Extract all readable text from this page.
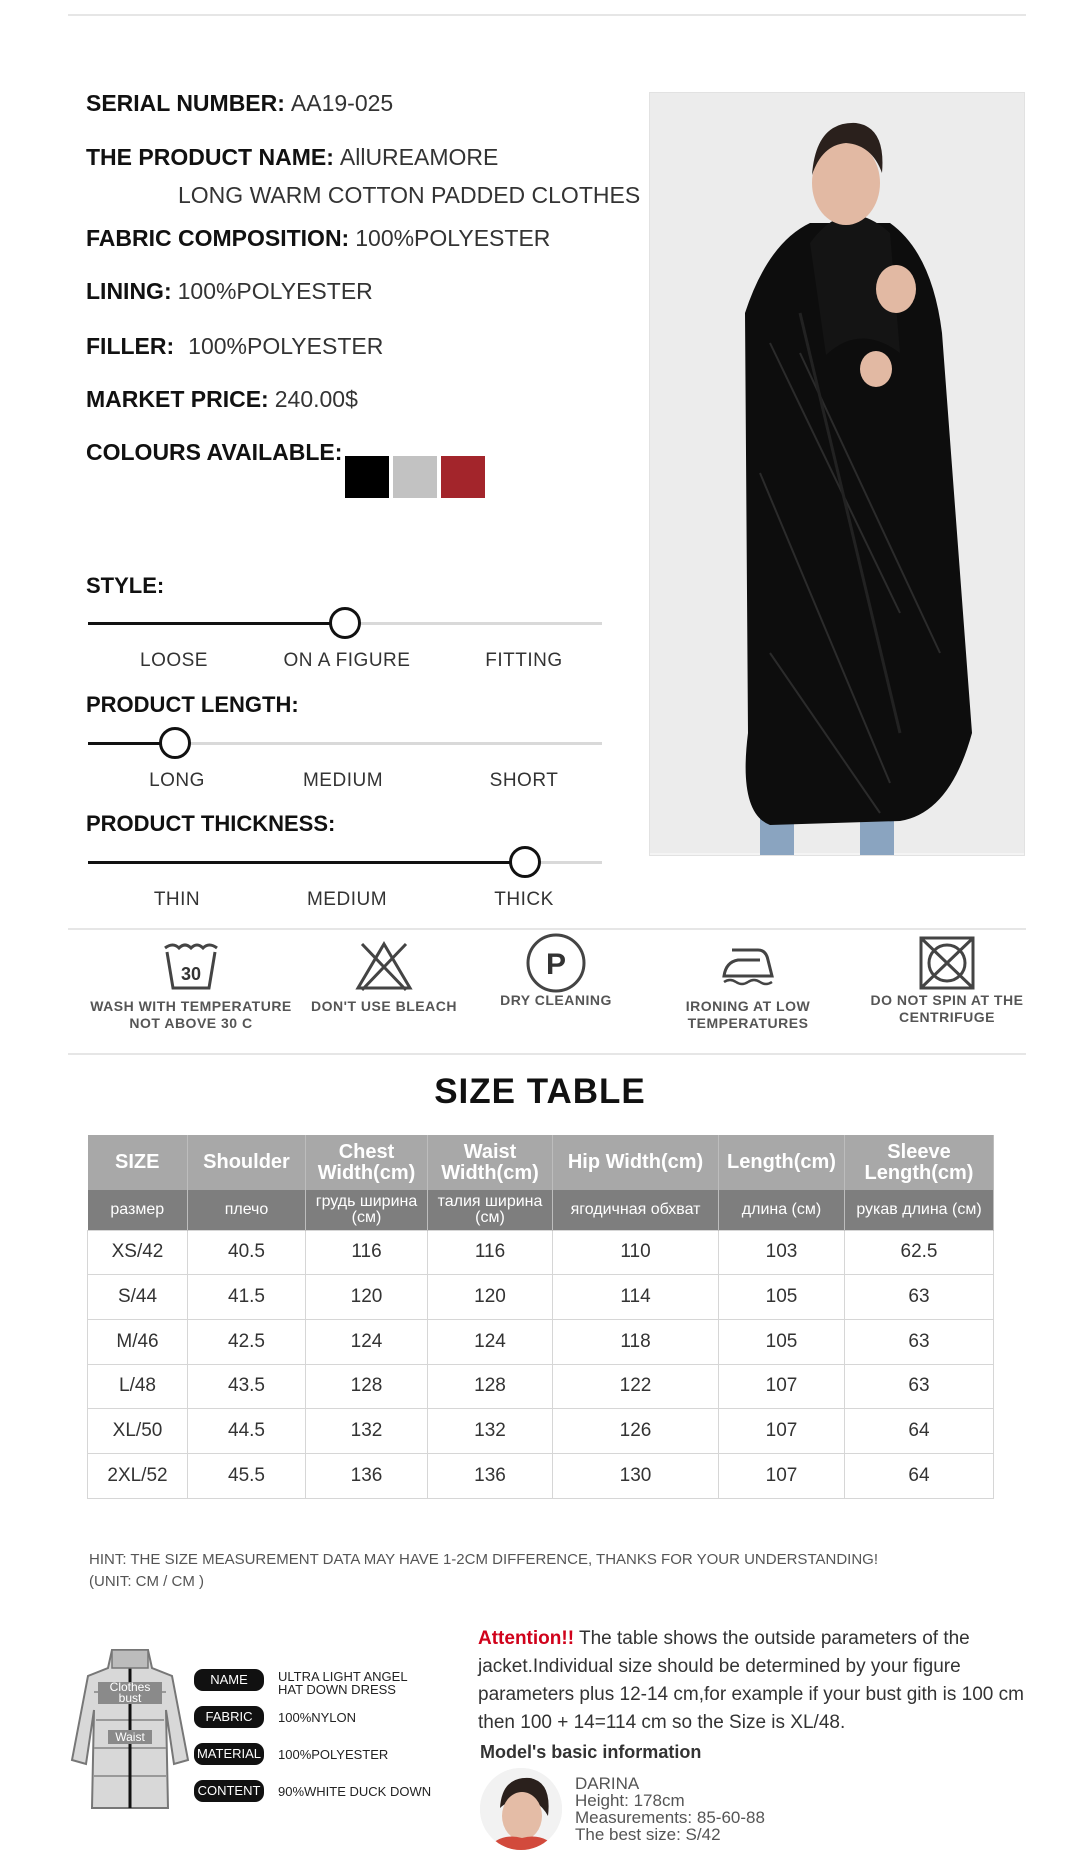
SERIAL NUMBER: AA19-025
THE PRODUCT NAME: AllUREAMORE
LONG WARM COTTON PADDED CLOTHES
FABRIC COMPOSITION: 100%POLYESTER
LINING: 100%POLYESTER
FILLER: 100%POLYESTER
MARKET PRICE: 240.00$
COLOURS AVAILABLE:
STYLE:
LOOSE	ON A FIGURE	FITTING
PRODUCT LENGTH:
LONG	MEDIUM	SHORT
PRODUCT THICKNESS:
THIN	MEDIUM	THICK
30
WASH WITH TEMPERATURE NOT ABOVE 30 C
DON'T USE BLEACH
P
DRY CLEANING	IRONING AT LOW TEMPERATURES
DO NOT SPIN AT THE CENTRIFUGE
SIZE TABLE
SIZE	Shoulder	Chest Width(cm)	Waist Width(cm)	Hip Width(cm)	Length(cm)	Sleeve Length(cm)
размер	плечо	грудь ширина (см)	талия ширина (см)	ягодичная обхват	длина (см)	рукав длина (см)
XS/42	40.5	116	116	110	103	62.5
S/44	41.5	120	120	114	105	63
M/46	42.5	124	124	118	105	63
L/48	43.5	128	128	122	107	63
XL/50	44.5	132	132	126	107	64
2XL/52	45.5	136	136	130	107	64
HINT: THE SIZE MEASUREMENT DATA MAY HAVE 1-2CM DIFFERENCE, THANKS FOR YOUR UNDERSTANDING!
(UNIT: CM / CM )
Clothes bust
Waist
NAME	ULTRA LIGHT ANGEL HAT DOWN DRESS
FABRIC	100%NYLON
MATERIAL 100%POLYESTER
CONTENT 90%WHITE DUCK DOWN
Attention!! The table shows the outside parameters of the jacket.Individual size should be determined by your figure parameters plus 12-14 cm,for example if your bust gith is 100 cm then 100 + 14=114 cm so the Size is XL/48.
Model's basic information
DARINA
Height: 178cm
Measurements: 85-60-88
The best size: S/42
